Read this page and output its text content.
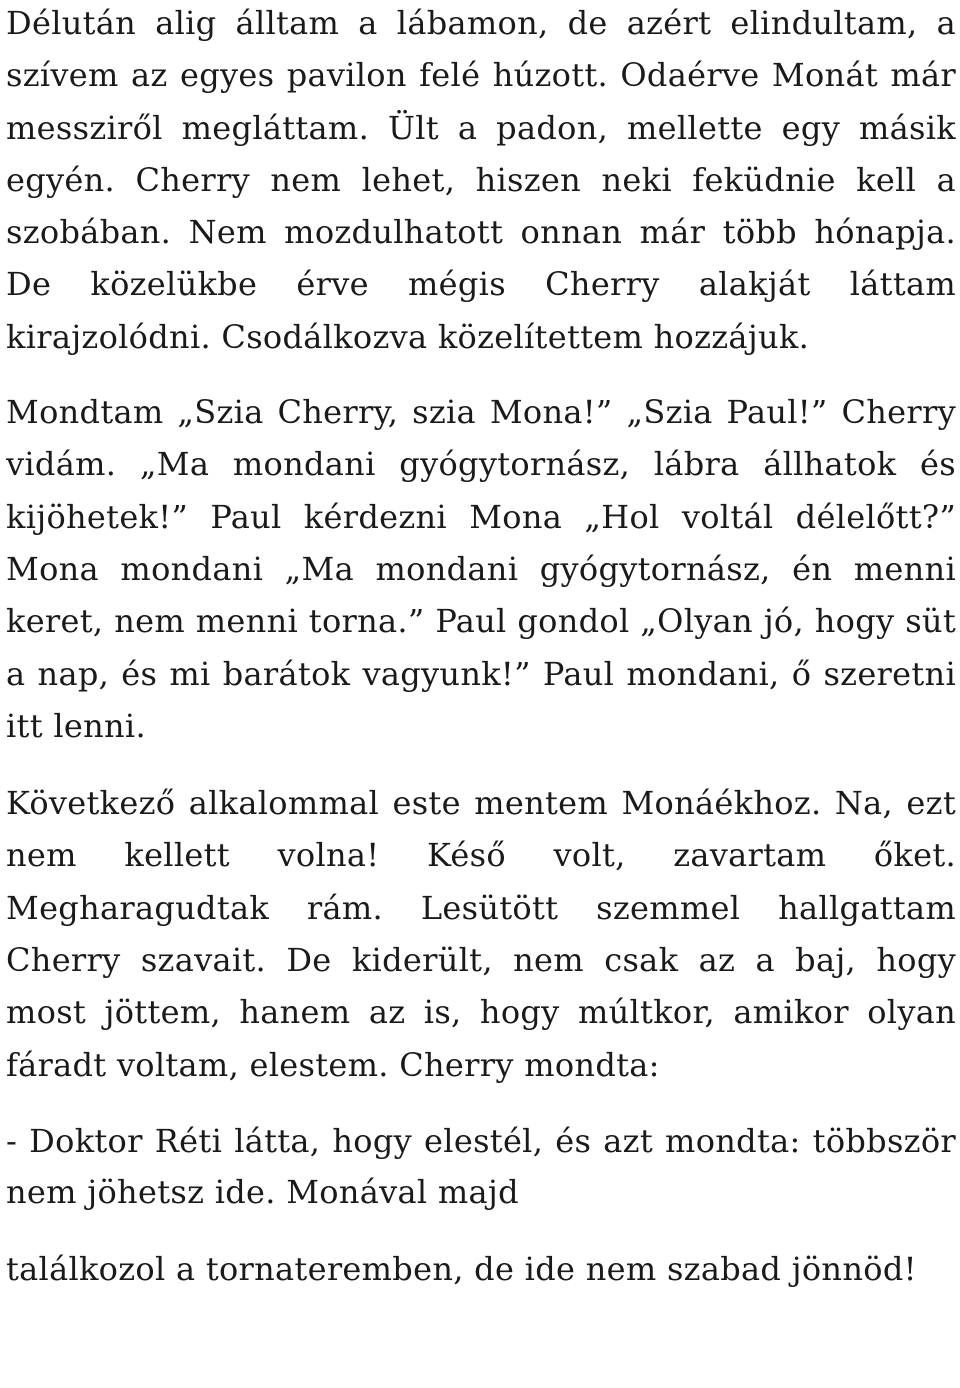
Délután alig álltam a lábamon, de azért elindultam, a szívem az egyes pavilon felé húzott. Odaérve Monát már messziről megláttam. Ült a padon, mellette egy másik egyén. Cherry nem lehet, hiszen neki feküdnie kell a szobában. Nem mozdulhatott onnan már több hónapja. De közelükbe érve mégis Cherry alakját láttam kirajzolódni. Csodálkozva közelítettem hozzájuk.

Mondtam „Szia Cherry, szia Mona!” „Szia Paul!” Cherry vidám. „Ma mondani gyógytornász, lábra állhatok és kijöhetek!” Paul kérdezni Mona „Hol voltál délelőtt?” Mona mondani „Ma mondani gyógytornász, én menni keret, nem menni torna.” Paul gondol „Olyan jó, hogy süt a nap, és mi barátok vagyunk!” Paul mondani, ő szeretni itt lenni.

Következő alkalommal este mentem Monáékhoz. Na, ezt nem kellett volna! Késő volt, zavartam őket. Megharagudtak rám. Lesütött szemmel hallgattam Cherry szavait. De kiderült, nem csak az a baj, hogy most jöttem, hanem az is, hogy múltkor, amikor olyan fáradt voltam, elestem. Cherry mondta:

- Doktor Réti látta, hogy elestél, és azt mondta: többször nem jöhetsz ide. Monával majd

találkozol a tornateremben, de ide nem szabad jönnöd!
